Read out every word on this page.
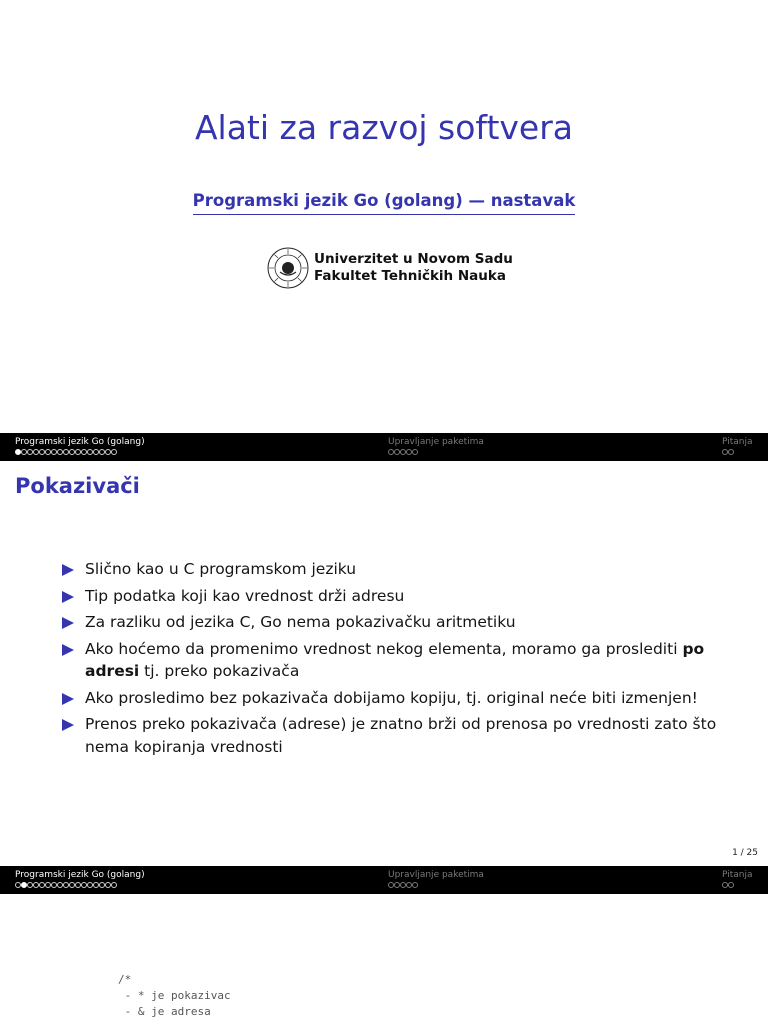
Alati za razvoj softvera
Programski jezik Go (golang) — nastavak
Univerzitet u Novom Sadu
Fakultet Tehničkih Nauka
Programski jezik Go (golang)	Upravljanje paketima	Pitanja
Pokazivači
Slično kao u C programskom jeziku
Tip podatka koji kao vrednost drži adresu
Za razliku od jezika C, Go nema pokazivačku aritmetiku
Ako hoćemo da promenimo vrednost nekog elementa, moramo ga proslediti po adresi tj. preko pokazivača
Ako prosledimo bez pokazivača dobijamo kopiju, tj. original neće biti izmenjen!
Prenos preko pokazivača (adrese) je znatno brži od prenosa po vrednosti zato što nema kopiranja vrednosti
1 / 25
Programski jezik Go (golang)	Upravljanje paketima	Pitanja
/*
- * je pokazivac
- & je adresa
